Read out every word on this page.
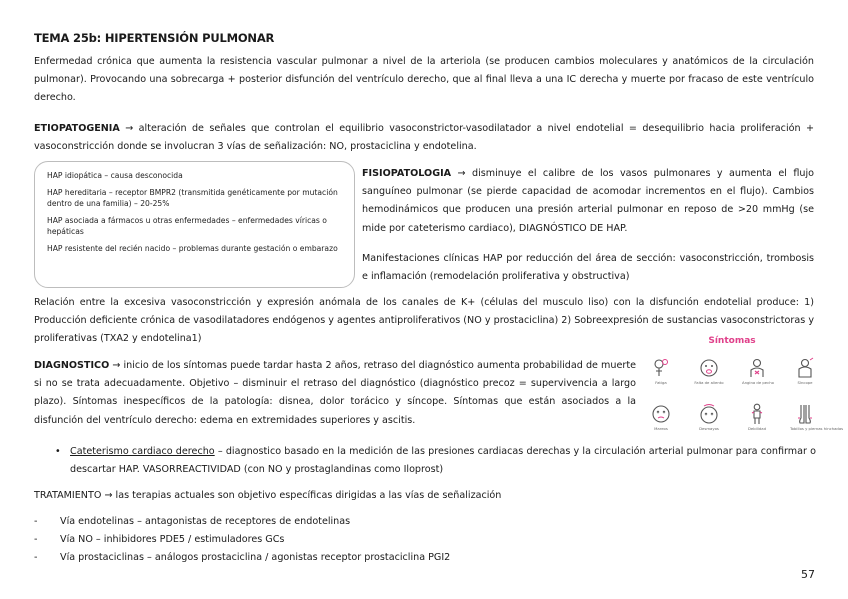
TEMA 25b: HIPERTENSIÓN PULMONAR
Enfermedad crónica que aumenta la resistencia vascular pulmonar a nivel de la arteriola (se producen cambios moleculares y anatómicos de la circulación pulmonar). Provocando una sobrecarga + posterior disfunción del ventrículo derecho, que al final lleva a una IC derecha y muerte por fracaso de este ventrículo derecho.
ETIOPATOGENIA → alteración de señales que controlan el equilibrio vasoconstrictor-vasodilatador a nivel endotelial = desequilibrio hacia proliferación + vasoconstricción donde se involucran 3 vías de señalización: NO, prostaciclina y endotelina.

HAP idiopática – causa desconocida

HAP hereditaria – receptor BMPR2 (transmitida genéticamente por mutación dentro de una familia) – 20-25%

HAP asociada a fármacos u otras enfermedades – enfermedades víricas o hepáticas

HAP resistente del recién nacido – problemas durante gestación o embarazo

FISIOPATOLOGIA → disminuye el calibre de los vasos pulmonares y aumenta el flujo sanguíneo pulmonar (se pierde capacidad de acomodar incrementos en el flujo). Cambios hemodinámicos que producen una presión arterial pulmonar en reposo de >20 mmHg (se mide por cateterismo cardiaco), DIAGNÓSTICO DE HAP.
Manifestaciones clínicas HAP por reducción del área de sección: vasoconstricción, trombosis e inflamación (remodelación proliferativa y obstructiva)
Relación entre la excesiva vasoconstricción y expresión anómala de los canales de K+ (células del musculo liso) con la disfunción endotelial produce: 1) Producción deficiente crónica de vasodilatadores endógenos y agentes antiproliferativos (NO y prostaciclina) 2) Sobreexpresión de sustancias vasoconstrictoras y proliferativas (TXA2 y endotelina1)
DIAGNOSTICO → inicio de los síntomas puede tardar hasta 2 años, retraso del diagnóstico aumenta probabilidad de muerte si no se trata adecuadamente. Objetivo – disminuir el retraso del diagnóstico (diagnóstico precoz = supervivencia a largo plazo). Síntomas inespecíficos de la patología: disnea, dolor torácico y síncope. Síntomas que están asociados a la disfunción del ventrículo derecho: edema en extremidades superiores y ascitis.
Síntomas
Fatiga	Falta de aliento	Angina de pecho	Síncope
Mareos	Desmayos	Debilidad	Tobillos y piernas hinchadas
• Cateterismo cardiaco derecho – diagnostico basado en la medición de las presiones cardiacas derechas y la circulación arterial pulmonar para confirmar o descartar HAP. VASORREACTIVIDAD (con NO y prostaglandinas como Iloprost)
TRATAMIENTO → las terapias actuales son objetivo específicas dirigidas a las vías de señalización
- Vía endotelinas – antagonistas de receptores de endotelinas
- Vía NO – inhibidores PDE5 / estimuladores GCs
- Vía prostaciclinas – análogos prostaciclina / agonistas receptor prostaciclina PGI2
57
